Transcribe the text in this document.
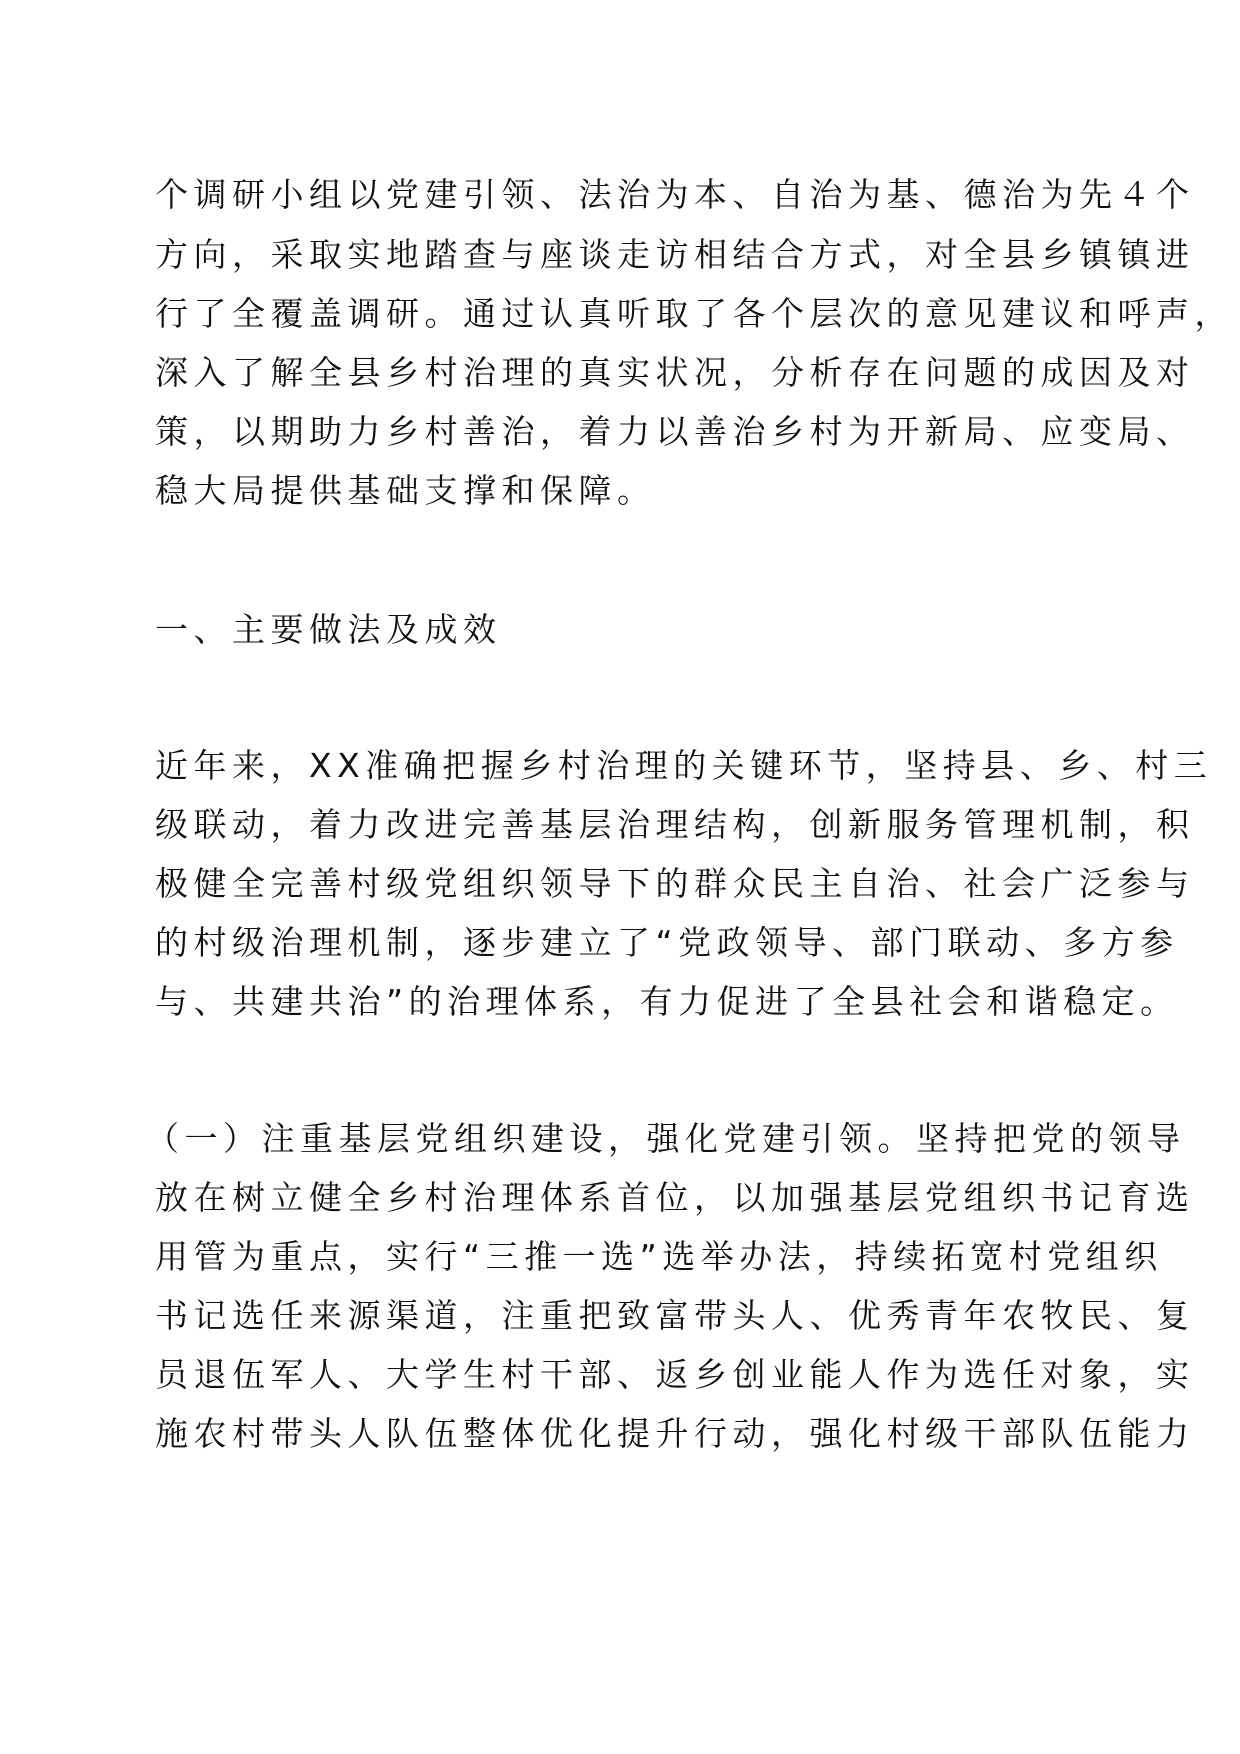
个调研小组以党建引领、法治为本、自治为基、德治为先４个
方向，采取实地踏查与座谈走访相结合方式，对全县乡镇镇进
行了全覆盖调研。通过认真听取了各个层次的意见建议和呼声，
深入了解全县乡村治理的真实状况，分析存在问题的成因及对
策，以期助力乡村善治，着力以善治乡村为开新局、应变局、
稳大局提供基础支撑和保障。
一、主要做法及成效
近年来，XX准确把握乡村治理的关键环节，坚持县、乡、村三
级联动，着力改进完善基层治理结构，创新服务管理机制，积
极健全完善村级党组织领导下的群众民主自治、社会广泛参与
的村级治理机制，逐步建立了“党政领导、部门联动、多方参
与、共建共治”的治理体系，有力促进了全县社会和谐稳定。
（一）注重基层党组织建设，强化党建引领。坚持把党的领导
放在树立健全乡村治理体系首位，以加强基层党组织书记育选
用管为重点，实行“三推一选”选举办法，持续拓宽村党组织
书记选任来源渠道，注重把致富带头人、优秀青年农牧民、复
员退伍军人、大学生村干部、返乡创业能人作为选任对象，实
施农村带头人队伍整体优化提升行动，强化村级干部队伍能力
